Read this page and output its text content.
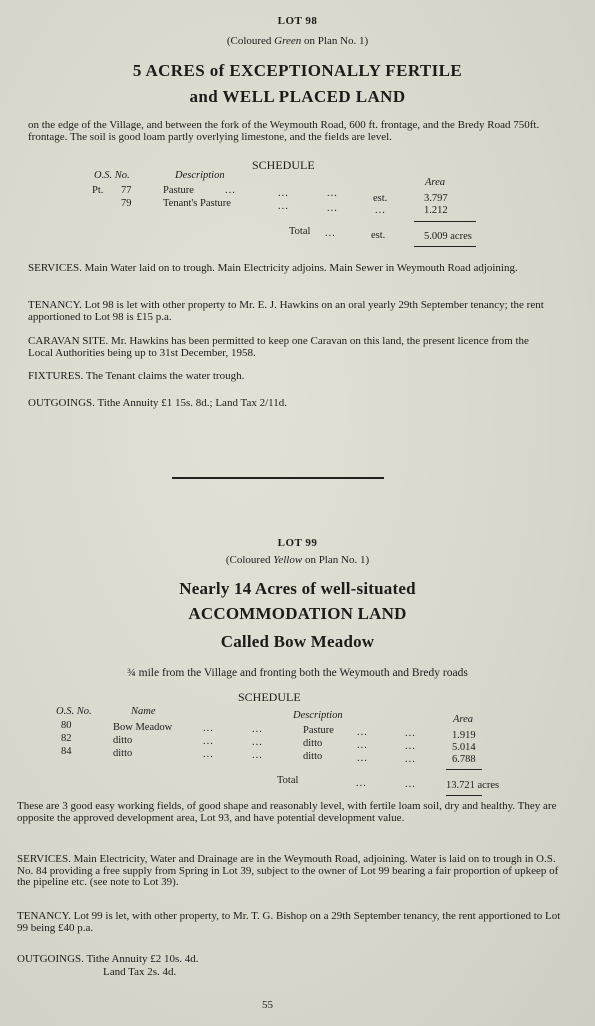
LOT 98
(Coloured Green on Plan No. 1)
5 ACRES of EXCEPTIONALLY FERTILE
and WELL PLACED LAND
on the edge of the Village, and between the fork of the Weymouth Road, 600 ft. frontage, and the Bredy Road 750ft. frontage. The soil is good loam partly overlying limestone, and the fields are level.
SCHEDULE
O.S. No.	Description
Area
Pt. 77	Pasture	...	...	...	est.	3.797
79	Tenant's Pasture	...	...	...	1.212
Total ...	est.	5.009 acres
SERVICES. Main Water laid on to trough. Main Electricity adjoins. Main Sewer in Weymouth Road adjoining.
TENANCY. Lot 98 is let with other property to Mr. E. J. Hawkins on an oral yearly 29th September tenancy; the rent apportioned to Lot 98 is £15 p.a.
CARAVAN SITE. Mr. Hawkins has been permitted to keep one Caravan on this land, the present licence from the Local Authorities being up to 31st December, 1958.
FIXTURES. The Tenant claims the water trough.
OUTGOINGS. Tithe Annuity £1 15s. 8d.; Land Tax 2/11d.
LOT 99
(Coloured Yellow on Plan No. 1)
Nearly 14 Acres of well-situated
ACCOMMODATION LAND
Called Bow Meadow
¾ mile from the Village and fronting both the Weymouth and Bredy roads
SCHEDULE
O.S. No.	Name	Description	Area
80	Bow Meadow	...	...	Pasture ...	...	1.919
82	ditto	...	...	ditto	...	...	5.014
84	ditto	...	...	ditto	...	...	6.788
Total	...	...	13.721 acres
These are 3 good easy working fields, of good shape and reasonably level, with fertile loam soil, dry and healthy. They are opposite the approved development area, Lot 93, and have potential development value.
SERVICES. Main Electricity, Water and Drainage are in the Weymouth Road, adjoining. Water is laid on to trough in O.S. No. 84 providing a free supply from Spring in Lot 39, subject to the owner of Lot 99 bearing a fair proportion of upkeep of the pipeline etc. (see note to Lot 39).
TENANCY. Lot 99 is let, with other property, to Mr. T. G. Bishop on a 29th September tenancy, the rent apportioned to Lot 99 being £40 p.a.
OUTGOINGS. Tithe Annuity £2 10s. 4d.
Land Tax 2s. 4d.
55
